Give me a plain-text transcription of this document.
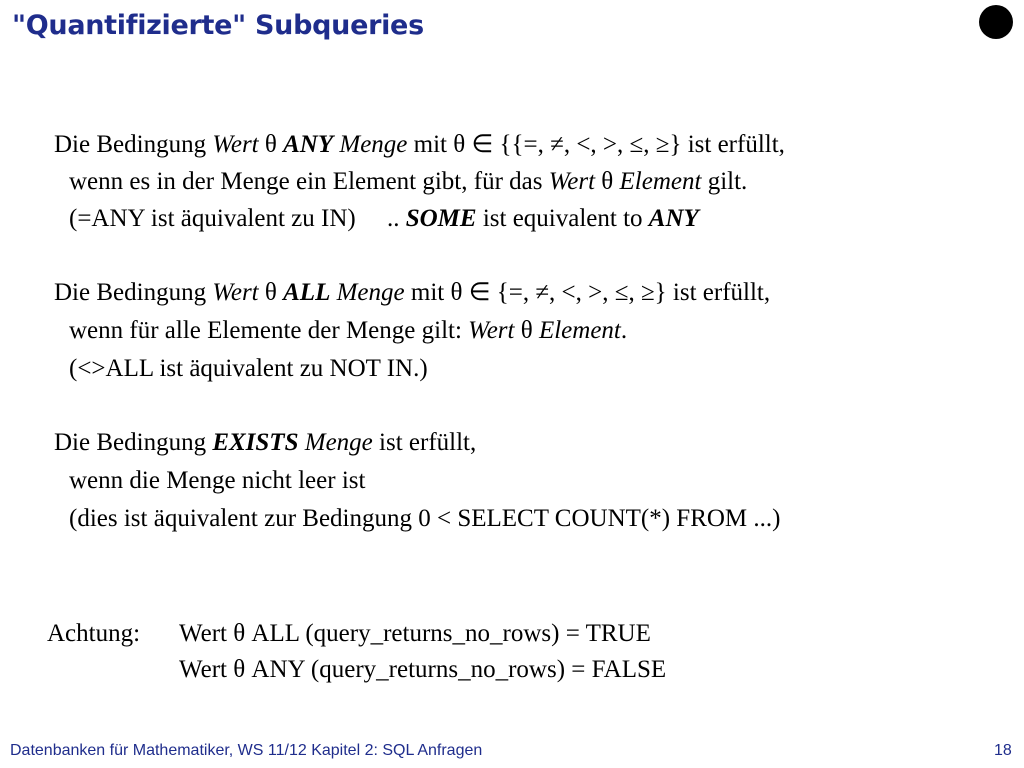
"Quantifizierte" Subqueries
Die Bedingung Wert θ ANY Menge mit θ ∈ {{=, ≠, <, >, ≤, ≥} ist erfüllt,
wenn es in der Menge ein Element gibt, für das Wert θ Element gilt.
(=ANY ist äquivalent zu IN)     .. SOME ist equivalent to ANY
Die Bedingung Wert θ ALL Menge mit θ ∈ {=, ≠, <, >, ≤, ≥} ist erfüllt,
wenn für alle Elemente der Menge gilt: Wert θ Element.
(<>ALL ist äquivalent zu NOT IN.)
Die Bedingung EXISTS Menge ist erfüllt,
wenn die Menge nicht leer ist
(dies ist äquivalent zur Bedingung 0 < SELECT COUNT(*) FROM ...)
Achtung: Wert θ ALL (query_returns_no_rows) = TRUE
Wert θ ANY (query_returns_no_rows) = FALSE
Datenbanken für Mathematiker, WS 11/12 Kapitel 2: SQL Anfragen	18
